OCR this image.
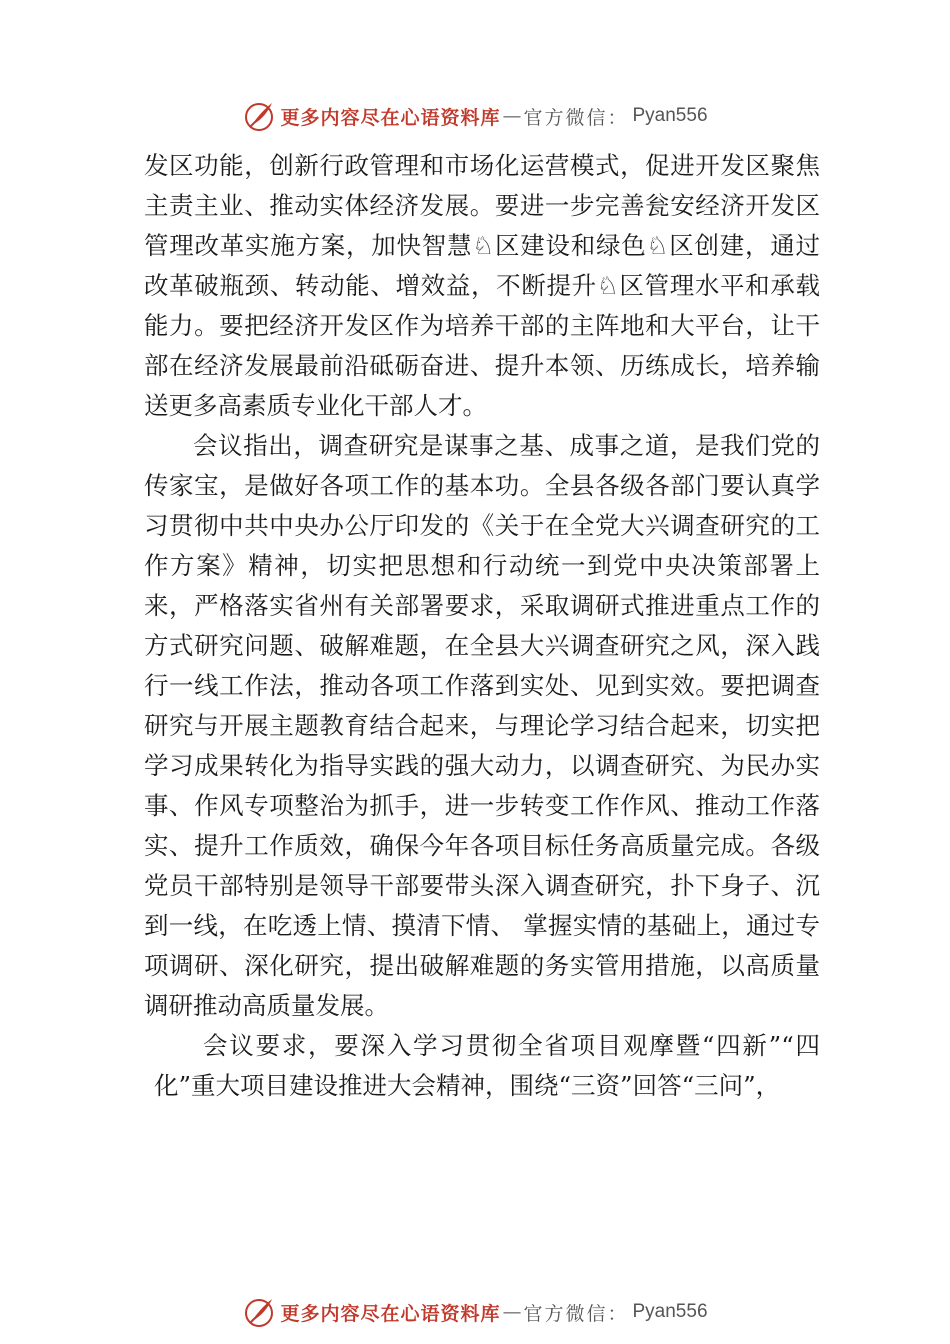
更多内容尽在心语资料库 — 官方微信： Pyan556

发区功能，创新行政管理和市场化运营模式，促进开发区聚焦主责主业、推动实体经济发展。要进一步完善瓮安经济开发区管理改革实施方案，加快智慧♘区建设和绿色♘区创建，通过改革破瓶颈、转动能、增效益，不断提升♘区管理水平和承载能力。要把经济开发区作为培养干部的主阵地和大平台，让干部在经济发展最前沿砥砺奋进、提升本领、历练成长，培养输送更多高素质专业化干部人才。

会议指出，调查研究是谋事之基、成事之道，是我们党的传家宝，是做好各项工作的基本功。全县各级各部门要认真学习贯彻中共中央办公厅印发的《关于在全党大兴调查研究的工作方案》精神，切实把思想和行动统一到党中央决策部署上来，严格落实省州有关部署要求，采取调研式推进重点工作的方式研究问题、破解难题，在全县大兴调查研究之风，深入践行一线工作法，推动各项工作落到实处、见到实效。要把调查研究与开展主题教育结合起来，与理论学习结合起来，切实把学习成果转化为指导实践的强大动力，以调查研究、为民办实事、作风专项整治为抓手，进一步转变工作作风、推动工作落实、提升工作质效，确保今年各项目标任务高质量完成。各级党员干部特别是领导干部要带头深入调查研究，扑下身子、沉到一线，在吃透上情、摸清下情、 掌握实情的基础上，通过专项调研、深化研究，提出破解难题的务实管用措施，以高质量调研推动高质量发展。

会议要求，要深入学习贯彻全省项目观摩暨“四新”“四化”重大项目建设推进大会精神，围绕“三资”回答“三问”，

更多内容尽在心语资料库 — 官方微信： Pyan556
